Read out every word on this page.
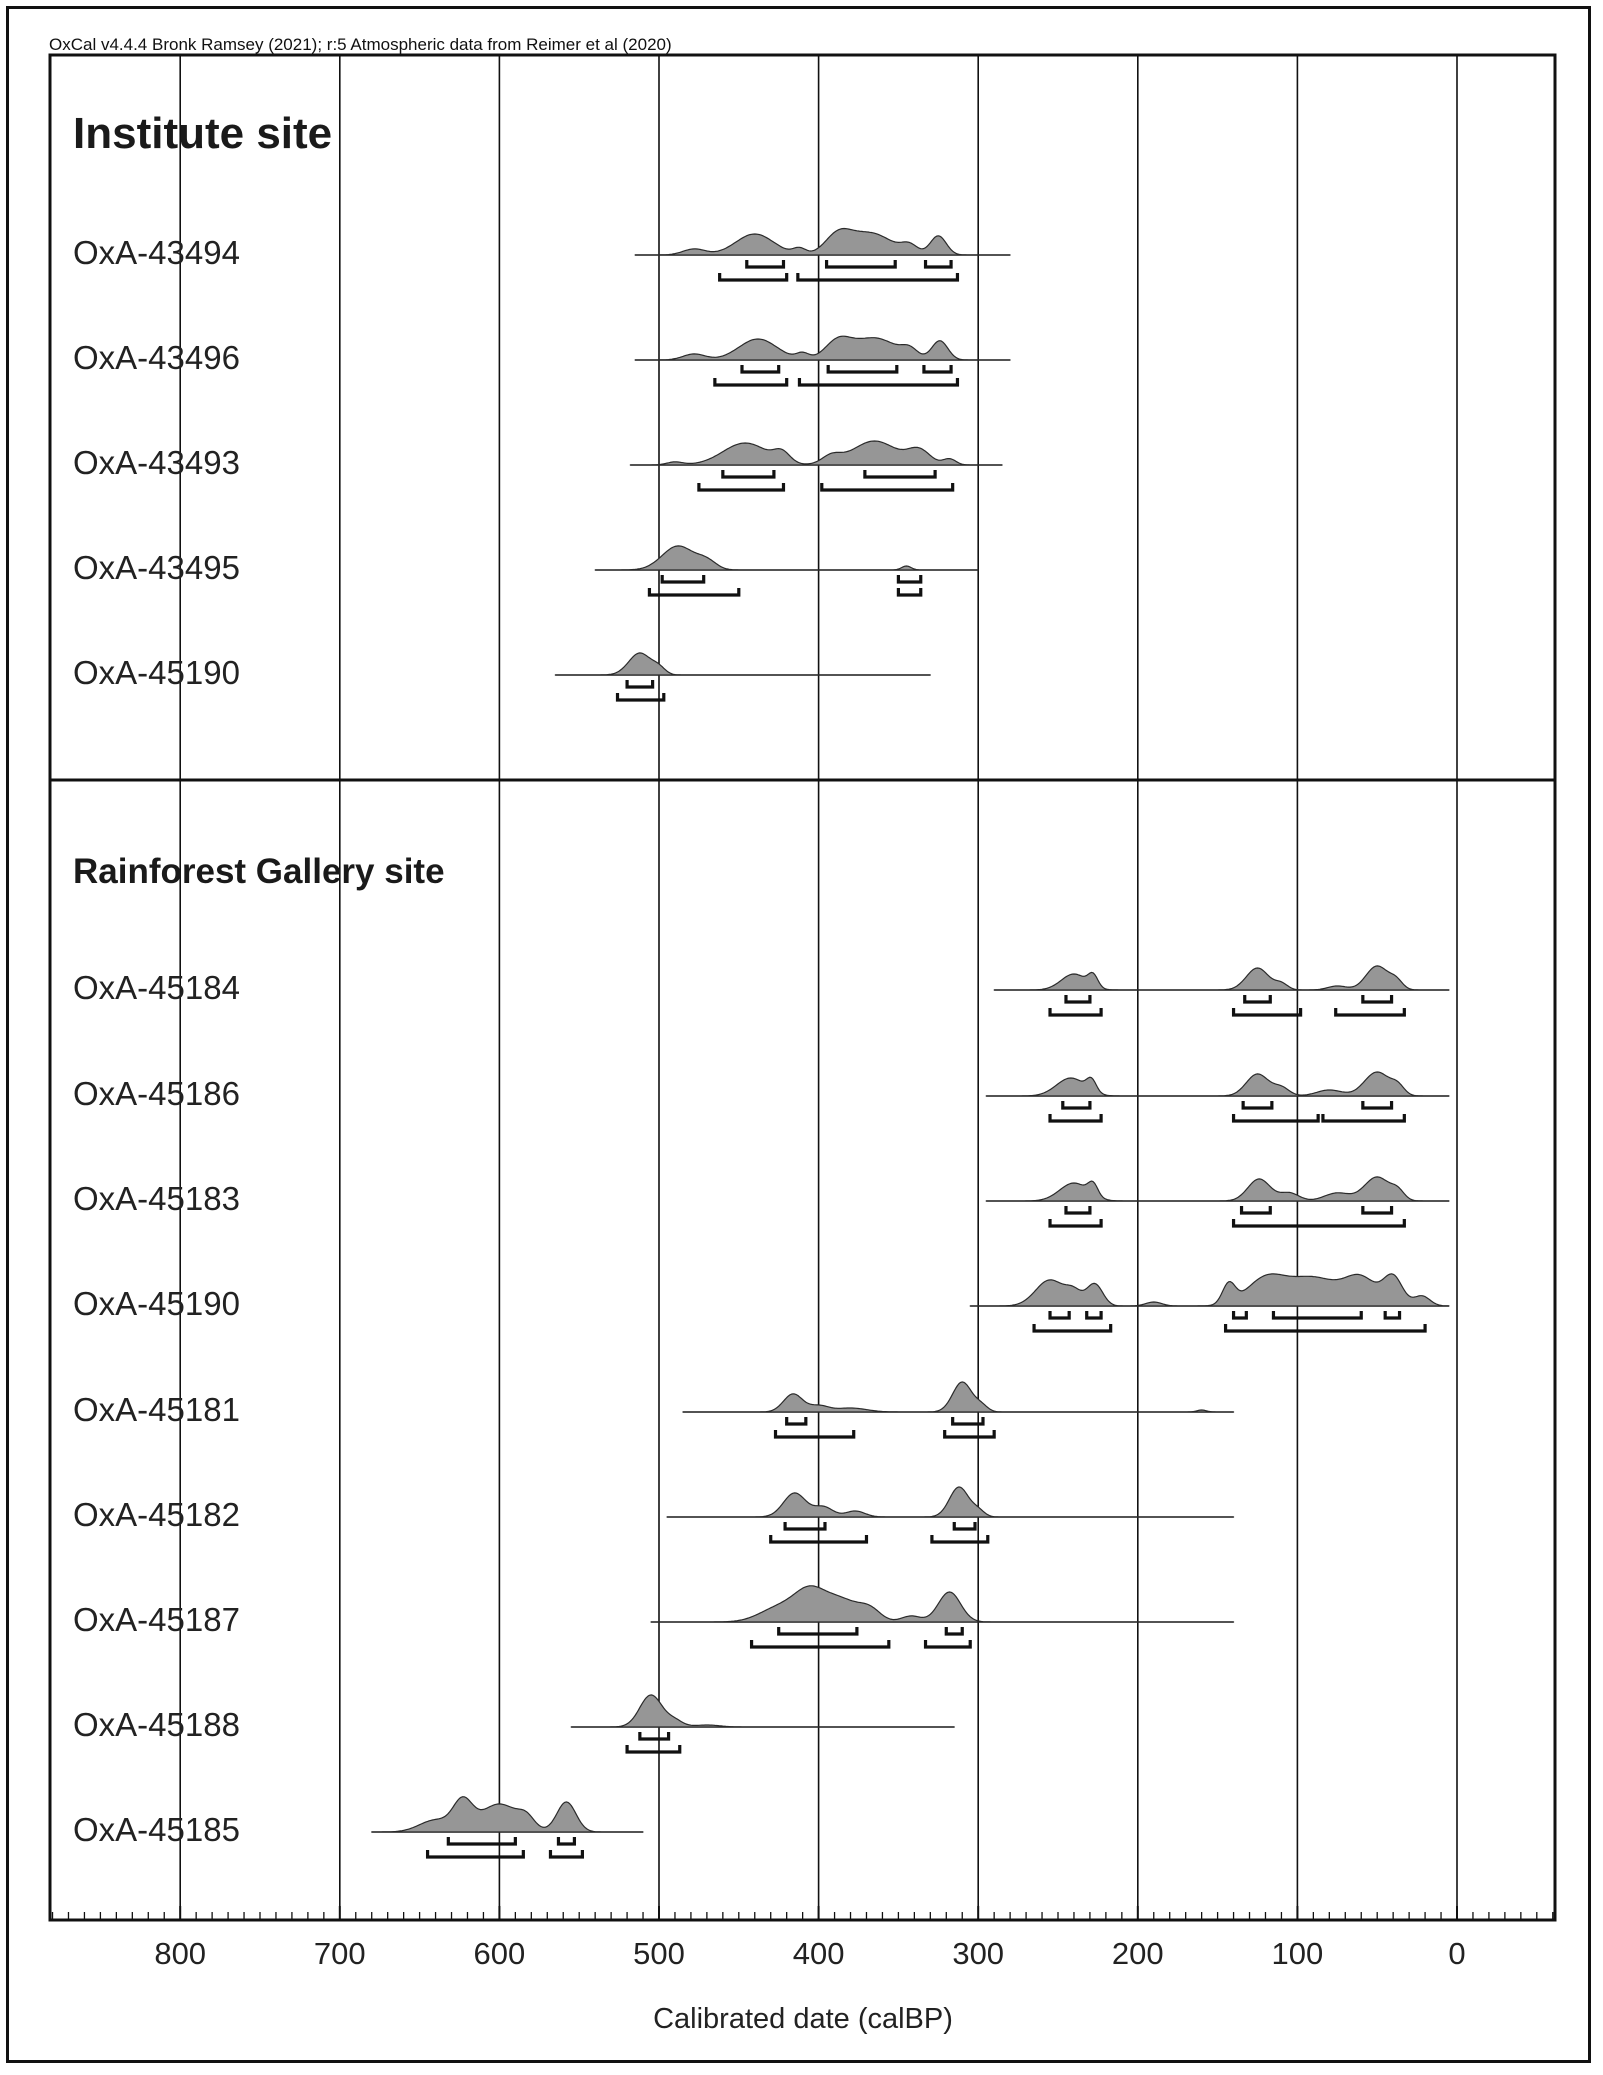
OxCal v4.4.4 Bronk Ramsey (2021); r:5 Atmospheric data from Reimer et al (2020)
800	700	600	500	400	300	200	100	0
Institute site
OxA-43494
OxA-43496
OxA-43493
OxA-43495
OxA-45190
Rainforest Gallery site
OxA-45184
OxA-45186
OxA-45183
OxA-45190
OxA-45181
OxA-45182
OxA-45187
OxA-45188
OxA-45185
Calibrated date (calBP)
